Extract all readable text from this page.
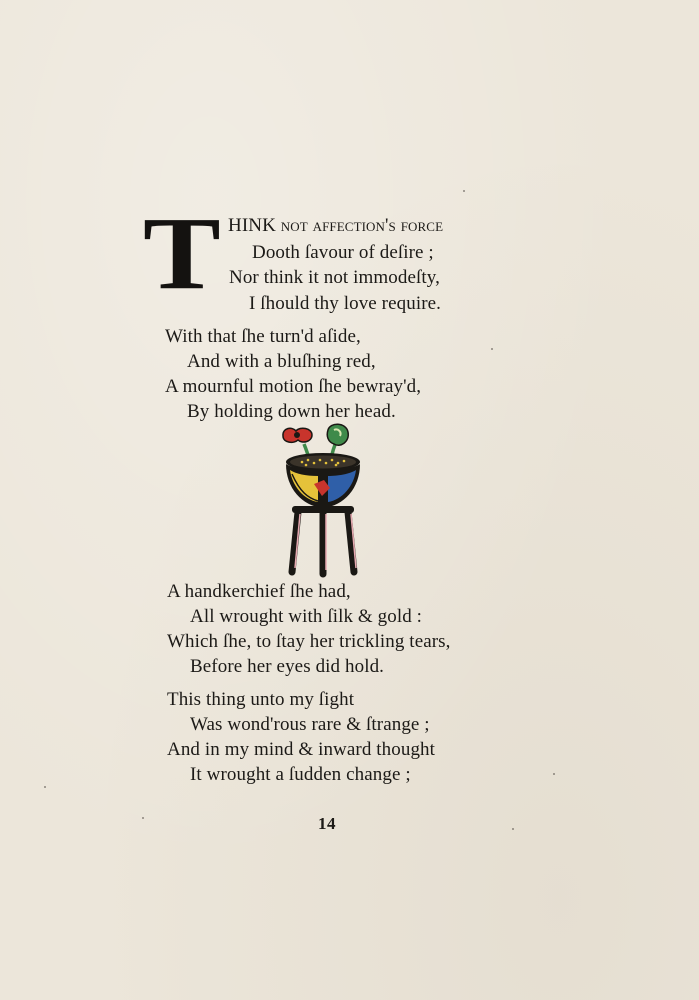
T HINK not affection's force
Dooth ſavour of deſire ;
Nor think it not immodeſty,
I ſhould thy love require.
With that ſhe turn'd aſide,
And with a bluſhing red,
A mournful motion ſhe bewray'd,
By holding down her head.
A handkerchief ſhe had,
All wrought with ſilk & gold :
Which ſhe, to ſtay her trickling tears,
Before her eyes did hold.
This thing unto my ſight
Was wond'rous rare & ſtrange ;
And in my mind & inward thought
It wrought a ſudden change ;
14
